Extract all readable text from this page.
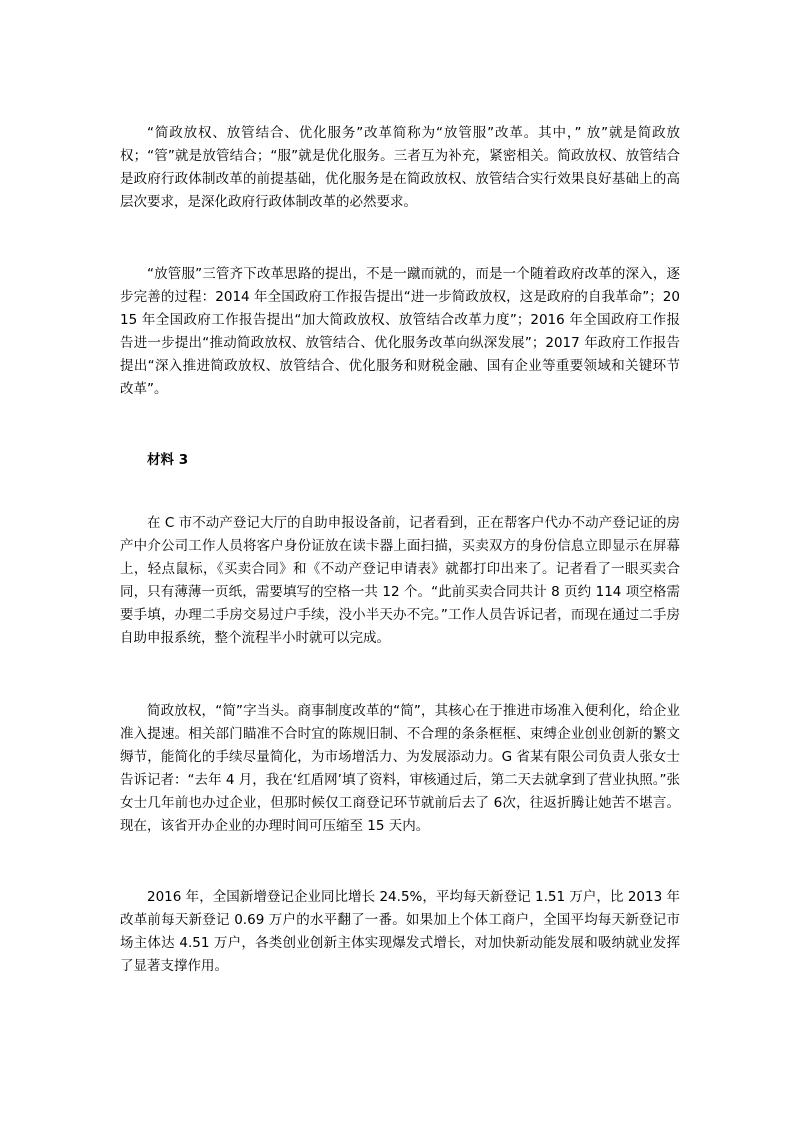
“简政放权、放管结合、优化服务”改革简称为“放管服”改革。其中，” 放”就是简政放权；“管”就是放管结合；“服”就是优化服务。三者互为补充，紧密相关。简政放权、放管结合是政府行政体制改革的前提基础，优化服务是在简政放权、放管结合实行效果良好基础上的高层次要求，是深化政府行政体制改革的必然要求。

“放管服”三管齐下改革思路的提出，不是一蹴而就的，而是一个随着政府改革的深入，逐步完善的过程：2014 年全国政府工作报告提出“进一步简政放权，这是政府的自我革命”；2015 年全国政府工作报告提出“加大简政放权、放管结合改革力度”；2016 年全国政府工作报告进一步提出“推动简政放权、放管结合、优化服务改革向纵深发展”；2017 年政府工作报告提出“深入推进简政放权、放管结合、优化服务和财税金融、国有企业等重要领域和关键环节改革”。

材料 3

在 C 市不动产登记大厅的自助申报设备前，记者看到，正在帮客户代办不动产登记证的房产中介公司工作人员将客户身份证放在读卡器上面扫描，买卖双方的身份信息立即显示在屏幕上，轻点鼠标，《买卖合同》和《不动产登记申请表》就都打印出来了。记者看了一眼买卖合同，只有薄薄一页纸，需要填写的空格一共 12 个。“此前买卖合同共计 8 页约 114 项空格需要手填，办理二手房交易过户手续，没小半天办不完。”工作人员告诉记者，而现在通过二手房自助申报系统，整个流程半小时就可以完成。

简政放权，“简”字当头。商事制度改革的“简”，其核心在于推进市场准入便利化，给企业准入提速。相关部门瞄准不合时宜的陈规旧制、不合理的条条框框、束缚企业创业创新的繁文缛节，能简化的手续尽量简化，为市场增活力、为发展添动力。G 省某有限公司负责人张女士告诉记者：“去年 4 月，我在‘红盾网’填了资料，审核通过后，第二天去就拿到了营业执照。”张女士几年前也办过企业，但那时候仅工商登记环节就前后去了 6次，往返折腾让她苦不堪言。现在，该省开办企业的办理时间可压缩至 15 天内。

2016 年，全国新增登记企业同比增长 24.5%，平均每天新登记 1.51 万户，比 2013 年改革前每天新登记 0.69 万户的水平翻了一番。如果加上个体工商户，全国平均每天新登记市场主体达 4.51 万户，各类创业创新主体实现爆发式增长，对加快新动能发展和吸纳就业发挥了显著支撑作用。
